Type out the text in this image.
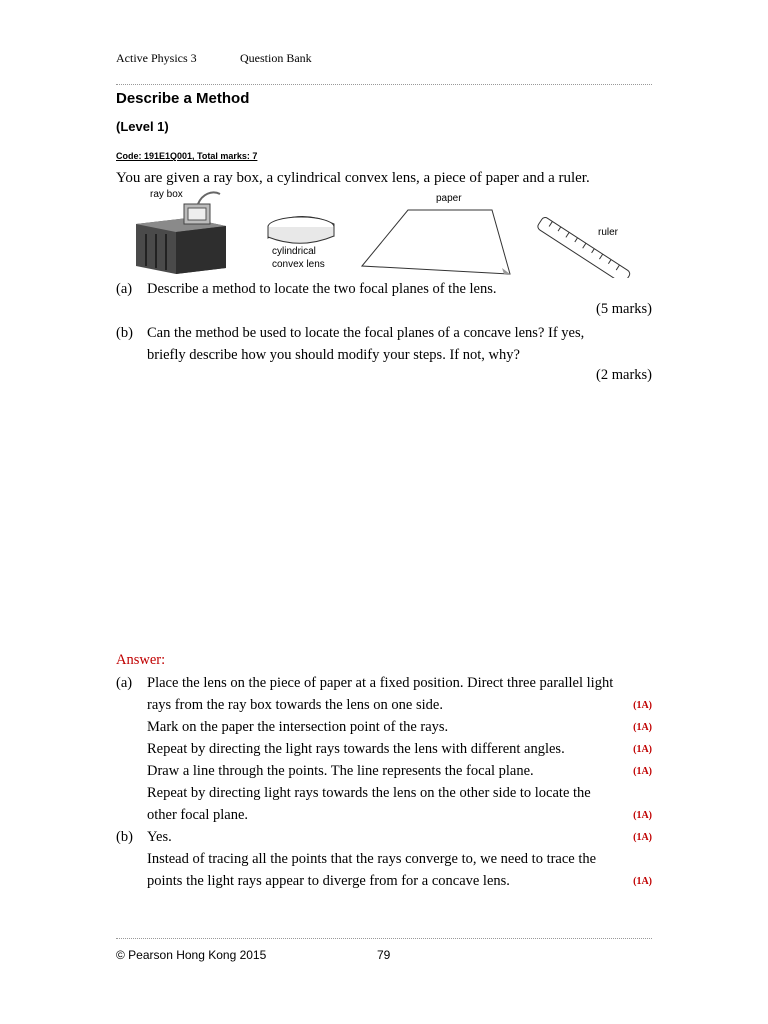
Active Physics 3	Question Bank
Describe a Method
(Level 1)
Code: 191E1Q001, Total marks: 7
You are given a ray box, a cylindrical convex lens, a piece of paper and a ruler.
ray box
cylindrical
convex lens
paper
ruler
(a) Describe a method to locate the two focal planes of the lens.
(5 marks)
(b) Can the method be used to locate the focal planes of a concave lens? If yes,
briefly describe how you should modify your steps. If not, why?
(2 marks)
Answer:
(a) Place the lens on the piece of paper at a fixed position. Direct three parallel light
rays from the ray box towards the lens on one side.	(1A)
Mark on the paper the intersection point of the rays.	(1A)
Repeat by directing the light rays towards the lens with different angles.	(1A)
Draw a line through the points. The line represents the focal plane.	(1A)
Repeat by directing light rays towards the lens on the other side to locate the
other focal plane.	(1A)
(b) Yes.	(1A)
Instead of tracing all the points that the rays converge to, we need to trace the
points the light rays appear to diverge from for a concave lens.	(1A)
© Pearson Hong Kong 2015	79
